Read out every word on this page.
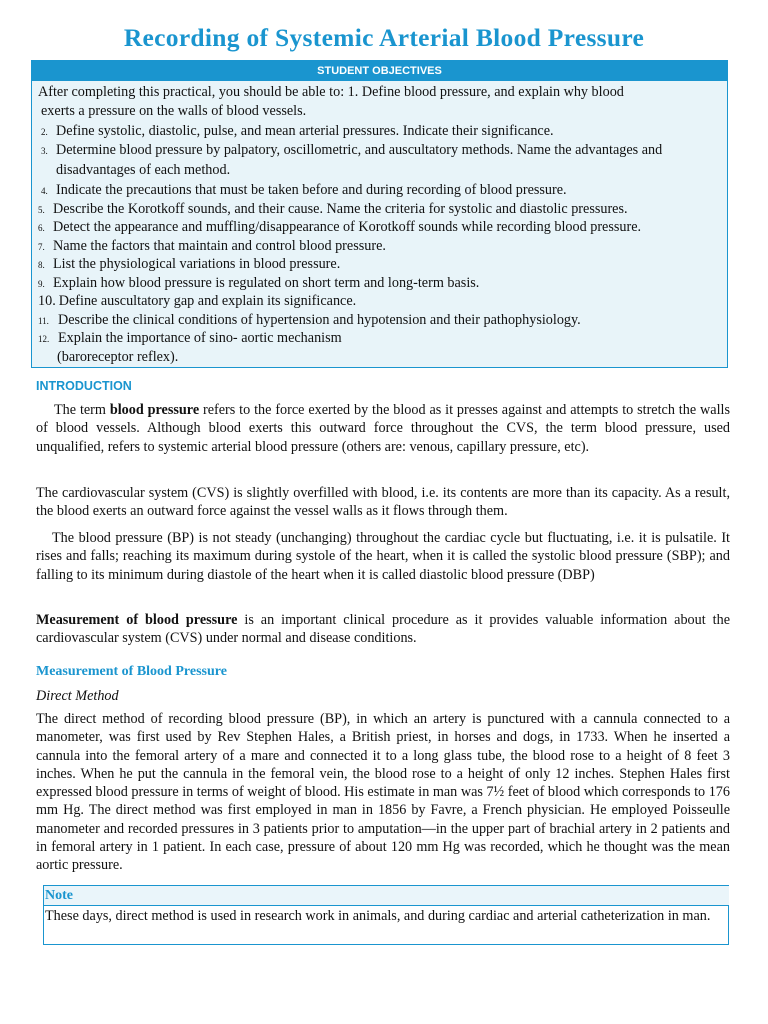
Recording of Systemic Arterial Blood Pressure
STUDENT OBJECTIVES
After completing this practical, you should be able to: 1. Define blood pressure, and explain why blood
exerts a pressure on the walls of blood vessels.
2. Define systolic, diastolic, pulse, and mean arterial pressures. Indicate their significance.
3. Determine blood pressure by palpatory, oscillometric, and auscultatory methods. Name the advantages and
disadvantages of each method.
4. Indicate the precautions that must be taken before and during recording of blood pressure.
5. Describe the Korotkoff sounds, and their cause. Name the criteria for systolic and diastolic pressures.
6. Detect the appearance and muffling/disappearance of Korotkoff sounds while recording blood pressure.
7. Name the factors that maintain and control blood pressure.
8. List the physiological variations in blood pressure.
9. Explain how blood pressure is regulated on short term and long-term basis.
10. Define auscultatory gap and explain its significance.
11. Describe the clinical conditions of hypertension and hypotension and their pathophysiology.
12. Explain the importance of sino- aortic mechanism
(baroreceptor reflex).
INTRODUCTION

The term blood pressure refers to the force exerted by the blood as it presses against and attempts to stretch the walls of blood vessels. Although blood exerts this outward force throughout the CVS, the term blood pressure, used unqualified, refers to systemic arterial blood pressure (others are: venous, capillary pressure, etc).

The cardiovascular system (CVS) is slightly overfilled with blood, i.e. its contents are more than its capacity. As a result, the blood exerts an outward force against the vessel walls as it flows through them.

The blood pressure (BP) is not steady (unchanging) throughout the cardiac cycle but fluctuating, i.e. it is pulsatile. It rises and falls; reaching its maximum during systole of the heart, when it is called the systolic blood pressure (SBP); and falling to its minimum during diastole of the heart when it is called diastolic blood pressure (DBP)

Measurement of blood pressure is an important clinical procedure as it provides valuable information about the cardiovascular system (CVS) under normal and disease conditions.

Measurement of Blood Pressure
Direct Method

The direct method of recording blood pressure (BP), in which an artery is punctured with a cannula connected to a manometer, was first used by Rev Stephen Hales, a British priest, in horses and dogs, in 1733. When he inserted a cannula into the femoral artery of a mare and connected it to a long glass tube, the blood rose to a height of 8 feet 3 inches. When he put the cannula in the femoral vein, the blood rose to a height of only 12 inches. Stephen Hales first expressed blood pressure in terms of weight of blood. His estimate in man was 7½ feet of blood which corresponds to 176 mm Hg. The direct method was first employed in man in 1856 by Favre, a French physician. He employed Poisseulle manometer and recorded pressures in 3 patients prior to amputation—in the upper part of brachial artery in 2 patients and in femoral artery in 1 patient. In each case, pressure of about 120 mm Hg was recorded, which he thought was the mean aortic pressure.

Note
These days, direct method is used in research work in animals, and during cardiac and arterial catheterization in man.
